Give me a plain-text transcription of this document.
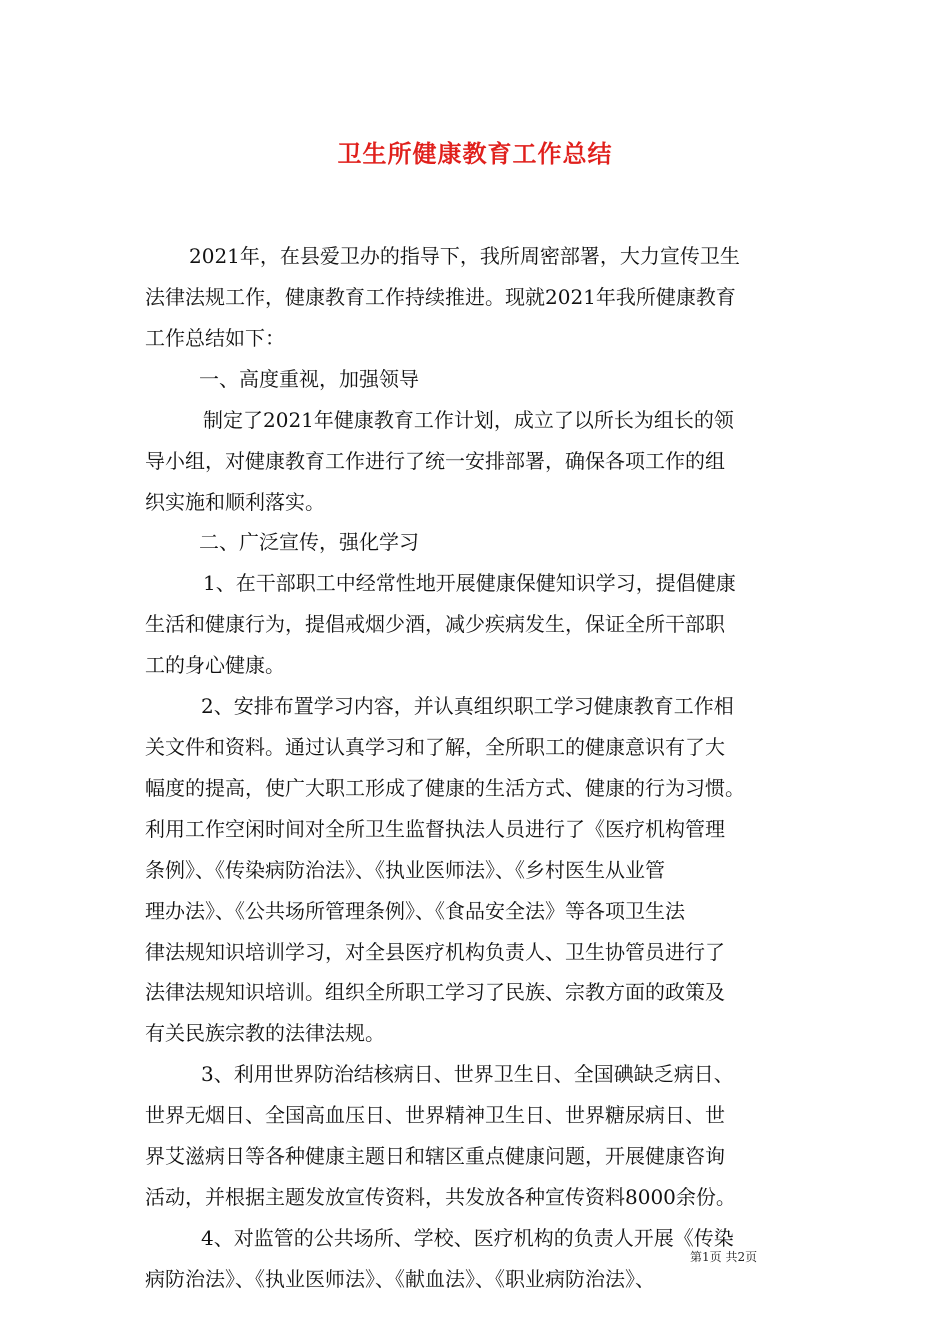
卫生所健康教育工作总结
2021年，在县爱卫办的指导下，我所周密部署，大力宣传卫生
法律法规工作，健康教育工作持续推进。现就2021年我所健康教育
工作总结如下：
一、高度重视，加强领导
制定了2021年健康教育工作计划，成立了以所长为组长的领
导小组，对健康教育工作进行了统一安排部署，确保各项工作的组
织实施和顺利落实。
二、广泛宣传，强化学习
1、在干部职工中经常性地开展健康保健知识学习，提倡健康
生活和健康行为，提倡戒烟少酒，减少疾病发生，保证全所干部职
工的身心健康。
2、安排布置学习内容，并认真组织职工学习健康教育工作相
关文件和资料。通过认真学习和了解，全所职工的健康意识有了大
幅度的提高，使广大职工形成了健康的生活方式、健康的行为习惯。
利用工作空闲时间对全所卫生监督执法人员进行了《医疗机构管理
条例》、《传染病防治法》、《执业医师法》、《乡村医生从业管
理办法》、《公共场所管理条例》、《食品安全法》等各项卫生法
律法规知识培训学习，对全县医疗机构负责人、卫生协管员进行了
法律法规知识培训。组织全所职工学习了民族、宗教方面的政策及
有关民族宗教的法律法规。
3、利用世界防治结核病日、世界卫生日、全国碘缺乏病日、
世界无烟日、全国高血压日、世界精神卫生日、世界糖尿病日、世
界艾滋病日等各种健康主题日和辖区重点健康问题，开展健康咨询
活动，并根据主题发放宣传资料，共发放各种宣传资料8000余份。
4、对监管的公共场所、学校、医疗机构的负责人开展《传染
病防治法》、《执业医师法》、《献血法》、《职业病防治法》、
第1页 共2页
